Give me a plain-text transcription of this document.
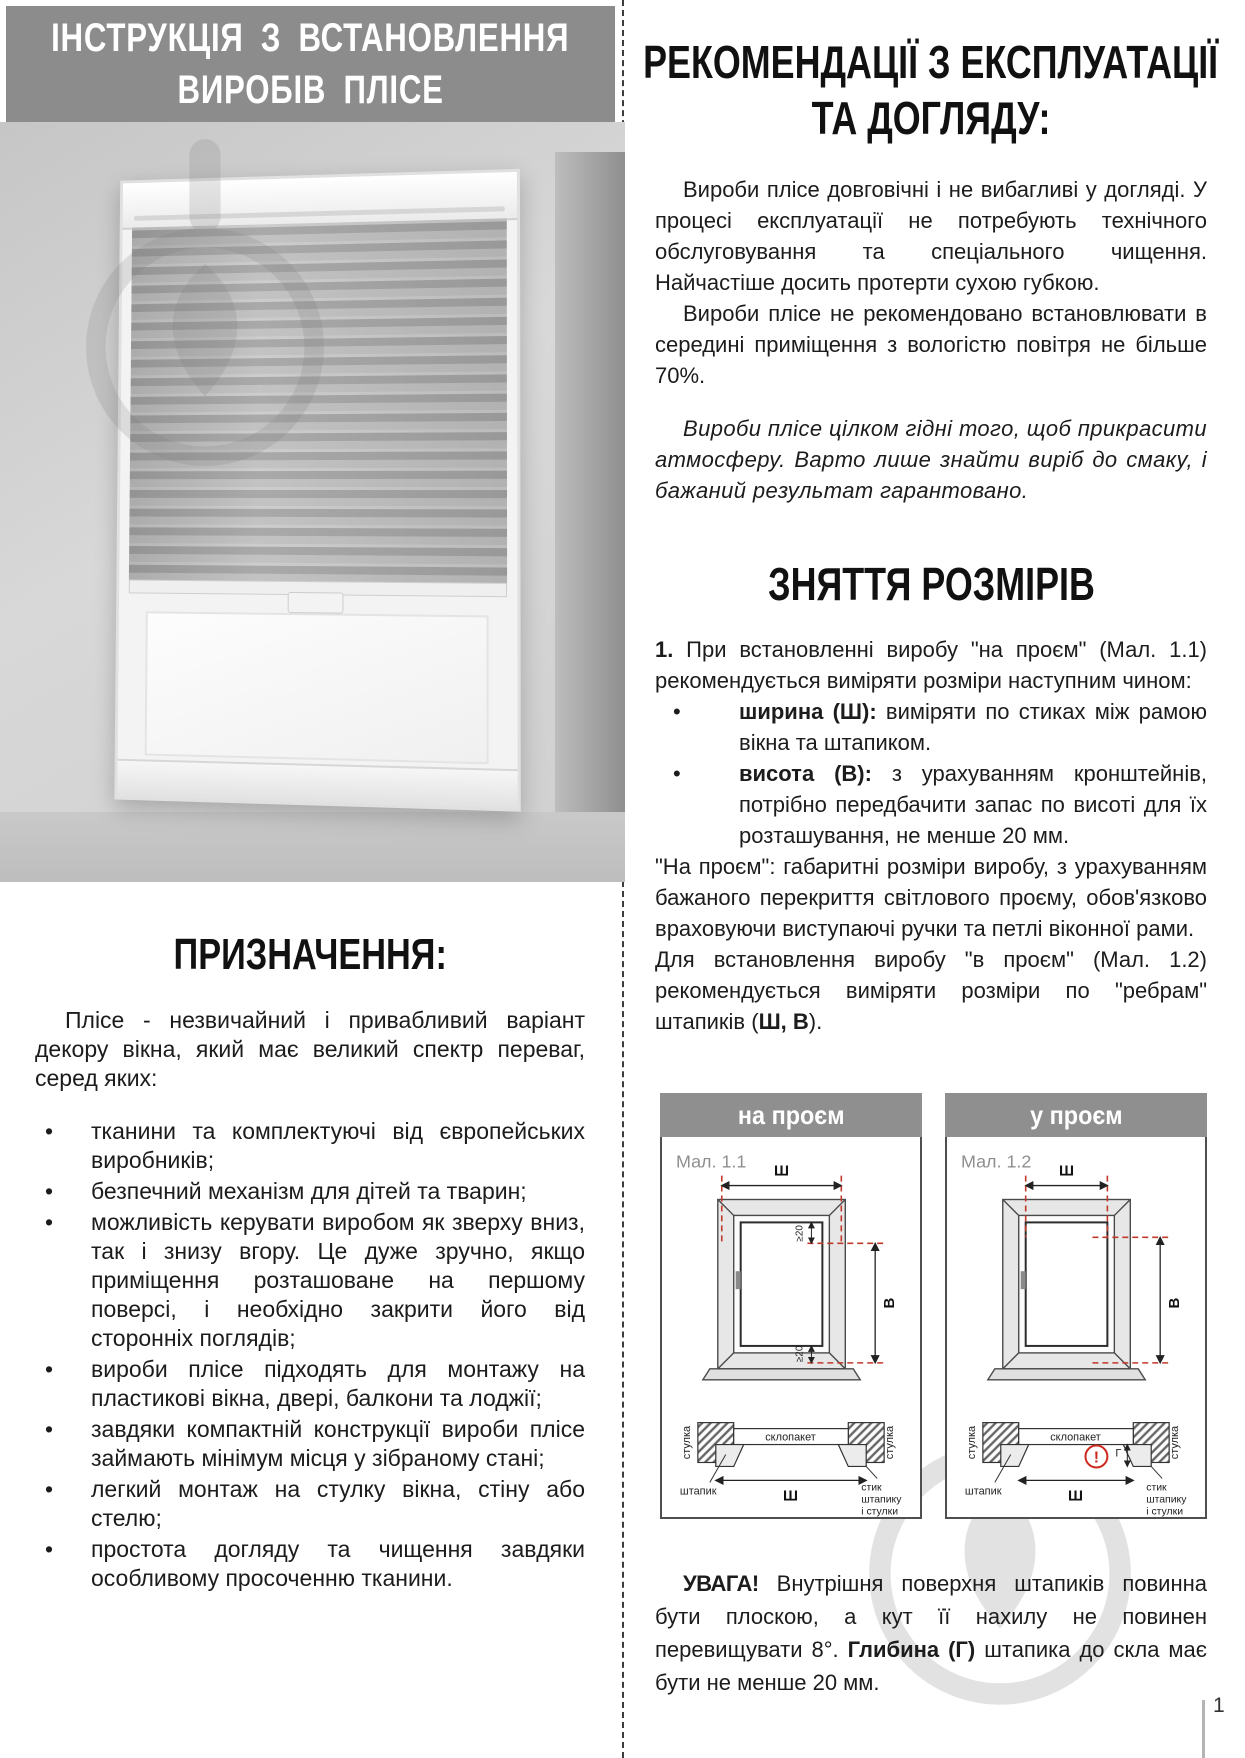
ІНСТРУКЦІЯ З ВСТАНОВЛЕННЯ
ВИРОБІВ ПЛІСЕ
ПРИЗНАЧЕННЯ:

Плісе - незвичайний і привабливий варіант декору вікна, який має великий спектр переваг, серед яких:

• тканини та комплектуючі від європейських виробників;
• безпечний механізм для дітей та тварин;
• можливість керувати виробом як зверху вниз, так і знизу вгору. Це дуже зручно, якщо приміщення розташоване на першому поверсі, і необхідно закрити його від сторонніх поглядів;
• вироби плісе підходять для монтажу на пластикові вікна, двері, балкони та лоджії;
• завдяки компактній конструкції вироби плісе займають мінімум місця у зібраному стані;
• легкий монтаж на стулку вікна, стіну або стелю;
• простота догляду та чищення завдяки особливому просоченню тканини.
РЕКОМЕНДАЦІЇ З ЕКСПЛУАТАЦІЇ
ТА ДОГЛЯДУ:

Вироби плісе довговічні і не вибагливі у догляді. У процесі експлуатації не потребують технічного обслуговування та спеціального чищення. Найчастіше досить протерти сухою губкою.

Вироби плісе не рекомендовано встановлювати в середині приміщення з вологістю повітря не більше 70%.

Вироби плісе цілком гідні того, щоб прикрасити атмосферу. Варто лише знайти виріб до смаку, і бажаний результат гарантовано.

ЗНЯТТЯ РОЗМІРІВ

1. При встановленні виробу "на проєм" (Мал. 1.1) рекомендується виміряти розміри наступним чином:

• ширина (Ш): виміряти по стиках між рамою вікна та штапиком.
• висота (В): з урахуванням кронштейнів, потрібно передбачити запас по висоті для їх розташування, не менше 20 мм.

"На проєм": габаритні розміри виробу, з урахуванням бажаного перекриття світлового проєму, обов'язково враховуючи виступаючі ручки та петлі віконної рами.

Для встановлення виробу "в проєм" (Мал. 1.2) рекомендується виміряти розміри по "ребрам" штапиків (Ш, В).

на проєм
Мал. 1.1 Ш
В
≥20
≥20
стулка	стулка
склопакет
штапик	стик
штапику
і стулки
Ш
у проєм
Мал. 1.2 Ш
В
стулка	стулка
склопакет
штапик	стик
штапику
і стулки
Ш
! Г

УВАГА! Внутрішня поверхня штапиків повинна бути плоскою, а кут її нахилу не повинен перевищувати 8°. Глибина (Г) штапика до скла має бути не менше 20 мм.

1
